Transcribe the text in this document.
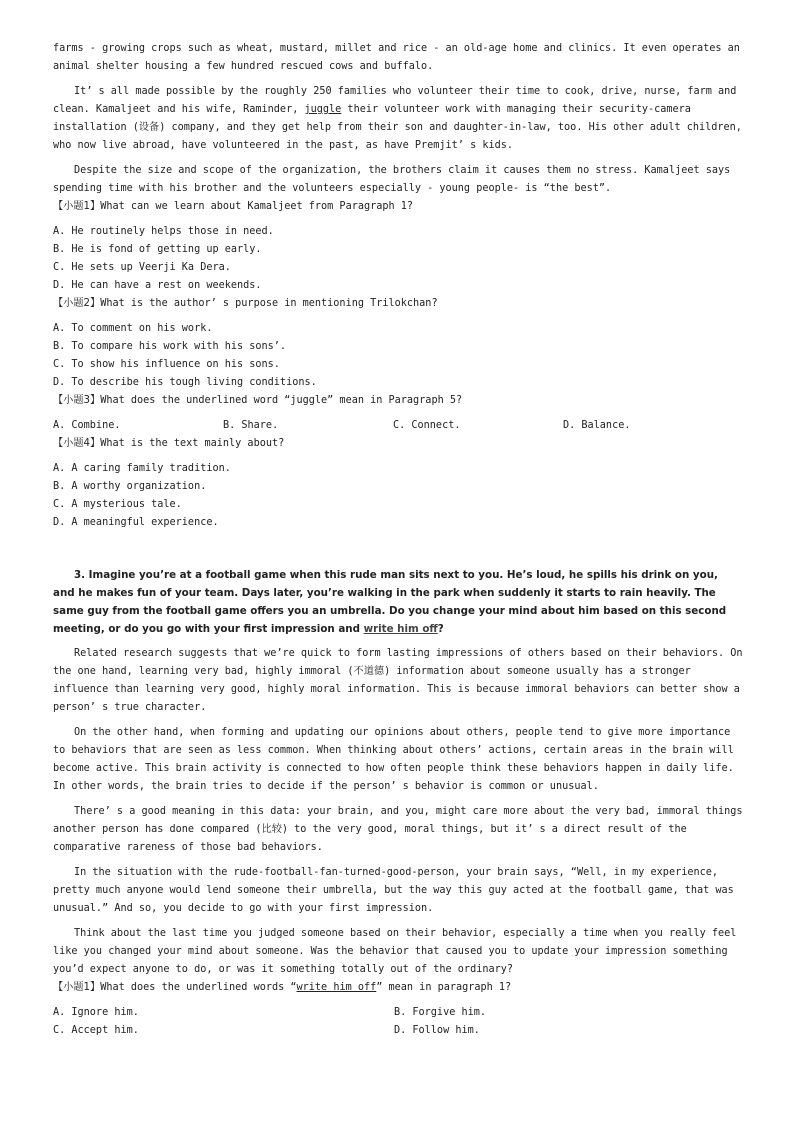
farms - growing crops such as wheat, mustard, millet and rice - an old-age home and clinics. It even operates an animal shelter housing a few hundred rescued cows and buffalo.

It’ s all made possible by the roughly 250 families who volunteer their time to cook, drive, nurse, farm and clean. Kamaljeet and his wife, Raminder, juggle their volunteer work with managing their security-camera installation (设备) company, and they get help from their son and daughter-in-law, too. His other adult children, who now live abroad, have volunteered in the past, as have Premjit’ s kids.

Despite the size and scope of the organization, the brothers claim it causes them no stress. Kamaljeet says spending time with his brother and the volunteers especially - young people- is “the best”.

【小题1】What can we learn about Kamaljeet from Paragraph 1?

A. He routinely helps those in need.

B. He is fond of getting up early.

C. He sets up Veerji Ka Dera.

D. He can have a rest on weekends.

【小题2】What is the author’ s purpose in mentioning Trilokchan?

A. To comment on his work.

B. To compare his work with his sons’.

C. To show his influence on his sons.

D. To describe his tough living conditions.

【小题3】What does the underlined word “juggle” mean in Paragraph 5?

A. Combine.	B. Share.	C. Connect.	D. Balance.

【小题4】What is the text mainly about?

A. A caring family tradition.

B. A worthy organization.

C. A mysterious tale.

D. A meaningful experience.

3. Imagine you’re at a football game when this rude man sits next to you. He’s loud, he spills his drink on you, and he makes fun of your team. Days later, you’re walking in the park when suddenly it starts to rain heavily. The same guy from the football game offers you an umbrella. Do you change your mind about him based on this second meeting, or do you go with your first impression and write him off?

Related research suggests that we’re quick to form lasting impressions of others based on their behaviors. On the one hand, learning very bad, highly immoral (不道德) information about someone usually has a stronger influence than learning very good, highly moral information. This is because immoral behaviors can better show a person’ s true character.

On the other hand, when forming and updating our opinions about others, people tend to give more importance to behaviors that are seen as less common. When thinking about others’ actions, certain areas in the brain will become active. This brain activity is connected to how often people think these behaviors happen in daily life. In other words, the brain tries to decide if the person’ s behavior is common or unusual.

There’ s a good meaning in this data: your brain, and you, might care more about the very bad, immoral things another person has done compared (比较) to the very good, moral things, but it’ s a direct result of the comparative rareness of those bad behaviors.

In the situation with the rude-football-fan-turned-good-person, your brain says, “Well, in my experience, pretty much anyone would lend someone their umbrella, but the way this guy acted at the football game, that was unusual.” And so, you decide to go with your first impression.

Think about the last time you judged someone based on their behavior, especially a time when you really feel like you changed your mind about someone. Was the behavior that caused you to update your impression something you’d expect anyone to do, or was it something totally out of the ordinary?

【小题1】What does the underlined words “write him off” mean in paragraph 1?

A. Ignore him.	B. Forgive him.
C. Accept him.	D. Follow him.
